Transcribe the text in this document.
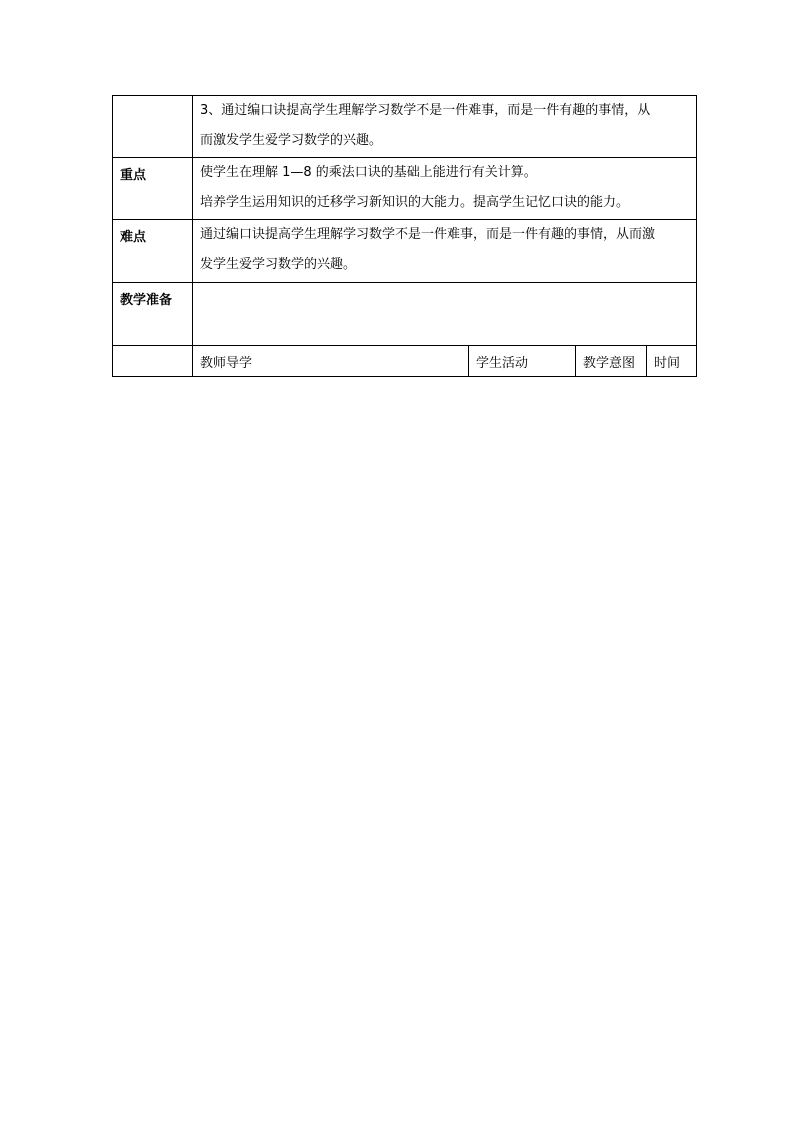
	3、通过编口诀提高学生理解学习数学不是一件难事，而是一件有趣的事情，从

而激发学生爱学习数学的兴趣。			

重点	使学生在理解 1—8 的乘法口诀的基础上能进行有关计算。

培养学生运用知识的迁移学习新知识的大能力。提高学生记忆口诀的能力。			

难点	通过编口诀提高学生理解学习数学不是一件难事，而是一件有趣的事情，从而激

发学生爱学习数学的兴趣。			

教学准备				
	教师导学	学生活动	教学意图	时间
